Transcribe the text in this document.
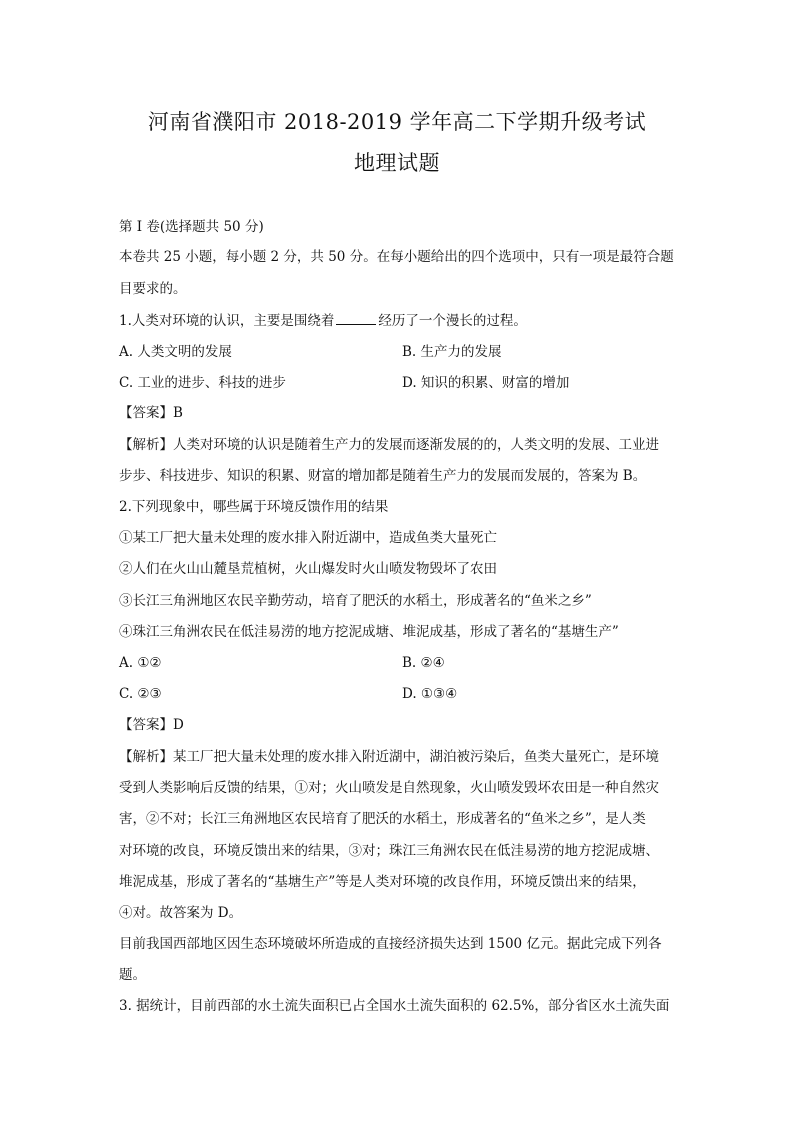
河南省濮阳市 2018-2019 学年高二下学期升级考试
地理试题
第 I 卷(选择题共 50 分)
本卷共 25 小题，每小题 2 分，共 50 分。在每小题给出的四个选项中，只有一项是最符合题
目要求的。
1.人类对环境的认识，主要是围绕着	经历了一个漫长的过程。
A. 人类文明的发展	B. 生产力的发展
C. 工业的进步、科技的进步	D. 知识的积累、财富的增加
【答案】B
【解析】人类对环境的认识是随着生产力的发展而逐渐发展的的，人类文明的发展、工业进
步步、科技进步、知识的积累、财富的增加都是随着生产力的发展而发展的，答案为 B。
2.下列现象中，哪些属于环境反馈作用的结果
①某工厂把大量未处理的废水排入附近湖中，造成鱼类大量死亡
②人们在火山山麓垦荒植树，火山爆发时火山喷发物毁坏了农田
③长江三角洲地区农民辛勤劳动，培育了肥沃的水稻土，形成著名的“鱼米之乡”
④珠江三角洲农民在低洼易涝的地方挖泥成塘、堆泥成基，形成了著名的“基塘生产”
A. ①②	B. ②④
C. ②③	D. ①③④
【答案】D
【解析】某工厂把大量未处理的废水排入附近湖中，湖泊被污染后，鱼类大量死亡，是环境
受到人类影响后反馈的结果，①对；火山喷发是自然现象，火山喷发毁坏农田是一种自然灾
害，②不对；长江三角洲地区农民培育了肥沃的水稻土，形成著名的“鱼米之乡”，是人类
对环境的改良，环境反馈出来的结果，③对；珠江三角洲农民在低洼易涝的地方挖泥成塘、
堆泥成基，形成了著名的“基塘生产”等是人类对环境的改良作用，环境反馈出来的结果，
④对。故答案为 D。
目前我国西部地区因生态环境破坏所造成的直接经济损失达到 1500 亿元。据此完成下列各
题。
3. 据统计，目前西部的水土流失面积已占全国水土流失面积的 62.5%，部分省区水土流失面
